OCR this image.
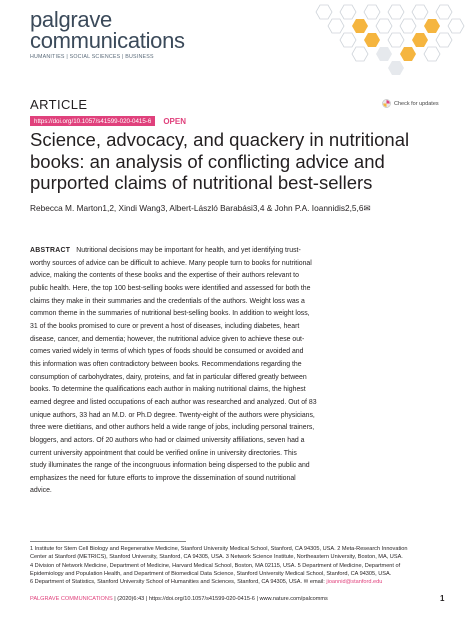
palgrave
communications
HUMANITIES | SOCIAL SCIENCES | BUSINESS
ARTICLE	Check for updates
https://doi.org/10.1057/s41599-020-0415-6	OPEN
Science, advocacy, and quackery in nutritional books: an analysis of conflicting advice and purported claims of nutritional best-sellers
Rebecca M. Marton1,2, Xindi Wang3, Albert-László Barabási3,4 & John P.A. Ioannidis2,5,6✉
ABSTRACT Nutritional decisions may be important for health, and yet identifying trust-
worthy sources of advice can be difficult to achieve. Many people turn to books for nutritional
advice, making the contents of these books and the expertise of their authors relevant to
public health. Here, the top 100 best-selling books were identified and assessed for both the
claims they make in their summaries and the credentials of the authors. Weight loss was a
common theme in the summaries of nutritional best-selling books. In addition to weight loss,
31 of the books promised to cure or prevent a host of diseases, including diabetes, heart
disease, cancer, and dementia; however, the nutritional advice given to achieve these out-
comes varied widely in terms of which types of foods should be consumed or avoided and
this information was often contradictory between books. Recommendations regarding the
consumption of carbohydrates, dairy, proteins, and fat in particular differed greatly between
books. To determine the qualifications each author in making nutritional claims, the highest
earned degree and listed occupations of each author was researched and analyzed. Out of 83
unique authors, 33 had an M.D. or Ph.D degree. Twenty-eight of the authors were physicians,
three were dietitians, and other authors held a wide range of jobs, including personal trainers,
bloggers, and actors. Of 20 authors who had or claimed university affiliations, seven had a
current university appointment that could be verified online in university directories. This
study illuminates the range of the incongruous information being dispersed to the public and
emphasizes the need for future efforts to improve the dissemination of sound nutritional
advice.
1 Institute for Stem Cell Biology and Regenerative Medicine, Stanford University Medical School, Stanford, CA 94305, USA. 2 Meta-Research Innovation
Center at Stanford (METRICS), Stanford University, Stanford, CA 94305, USA. 3 Network Science Institute, Northeastern University, Boston, MA, USA.
4 Division of Network Medicine, Department of Medicine, Harvard Medical School, Boston, MA 02115, USA. 5 Department of Medicine, Department of
Epidemiology and Population Health, and Department of Biomedical Data Science, Stanford University Medical School, Stanford, CA 94305, USA.
6 Department of Statistics, Stanford University School of Humanities and Sciences, Stanford, CA 94305, USA. ✉ email: jioannid@stanford.edu
PALGRAVE COMMUNICATIONS | (2020)6:43 | https://doi.org/10.1057/s41599-020-0415-6 | www.nature.com/palcomms	1
